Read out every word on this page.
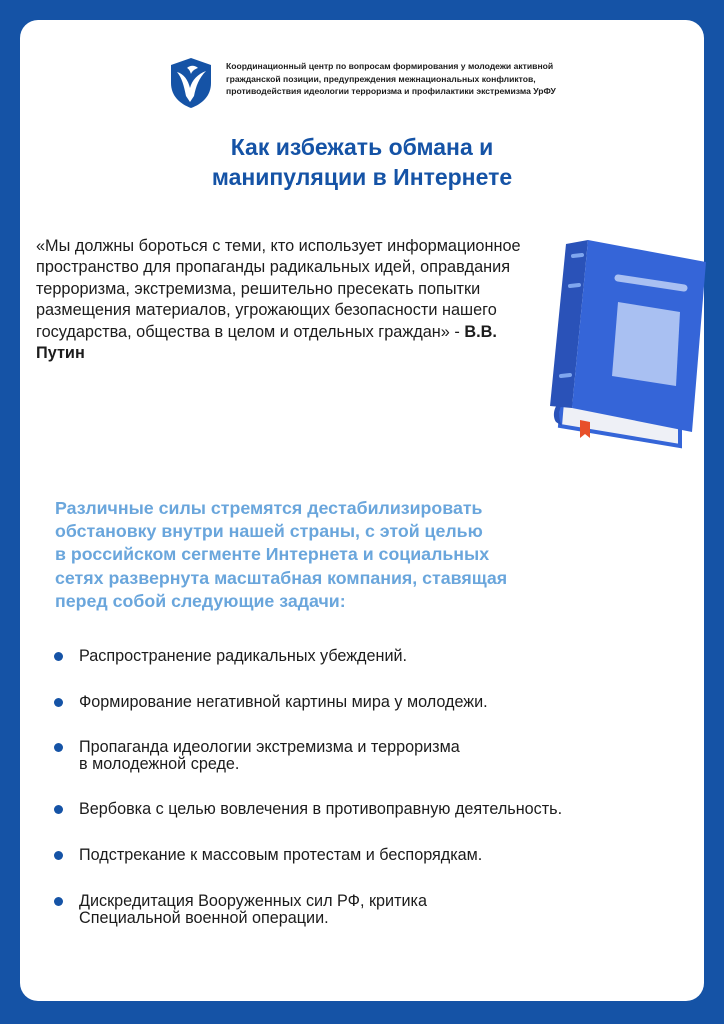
Координационный центр по вопросам формирования у молодежи активной
гражданской позиции, предупреждения межнациональных конфликтов,
противодействия идеологии терроризма и профилактики экстремизма УрФУ
Как избежать обмана и
манипуляции в Интернете
«Мы должны бороться с теми, кто использует информационное пространство для пропаганды радикальных идей, оправдания терроризма, экстремизма, решительно пресекать попытки размещения материалов, угрожающих безопасности нашего государства, общества в целом и отдельных граждан» - В.В. Путин
Различные силы стремятся дестабилизировать
обстановку внутри нашей страны, с этой целью
в российском сегменте Интернета и социальных
сетях развернута масштабная компания, ставящая
перед собой следующие задачи:
Распространение радикальных убеждений.
Формирование негативной картины мира у молодежи.
Пропаганда идеологии экстремизма и терроризма
в молодежной среде.
Вербовка с целью вовлечения в противоправную деятельность.
Подстрекание к массовым протестам и беспорядкам.
Дискредитация Вооруженных сил РФ, критика
Специальной военной операции.
